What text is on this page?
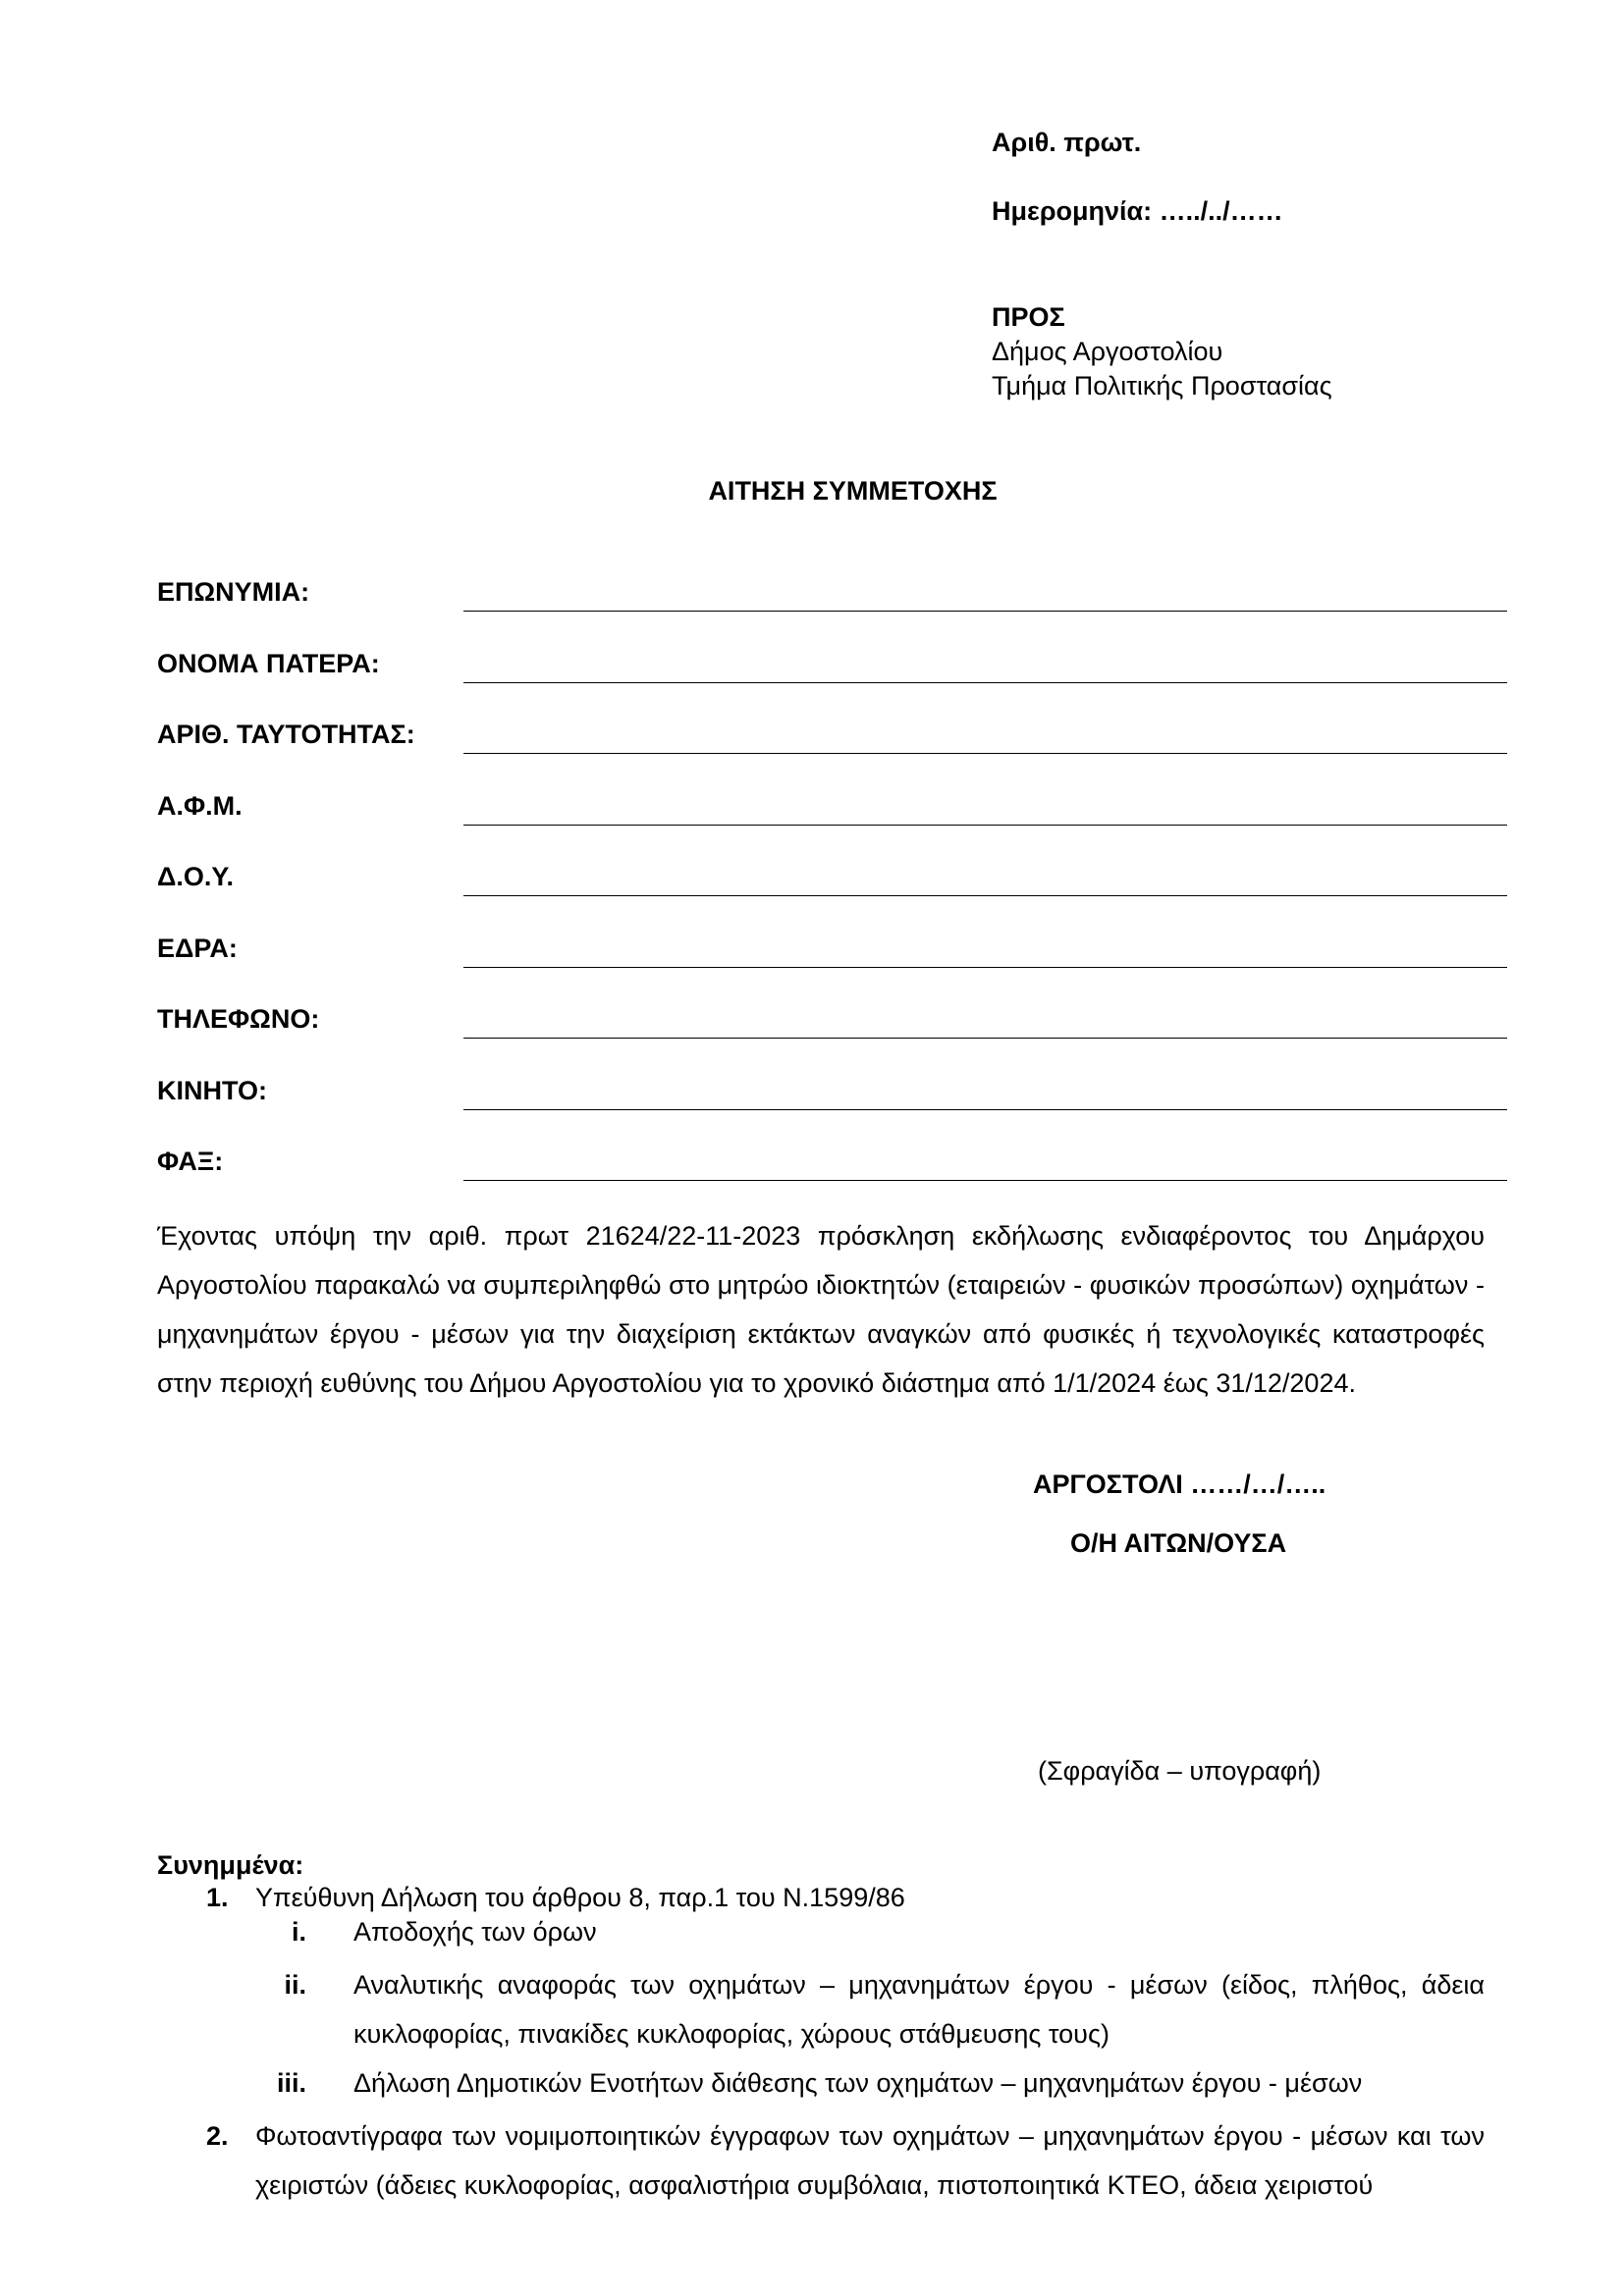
Αριθ. πρωτ.
Ημερομηνία: …../../……
ΠΡΟΣ
Δήμος Αργοστολίου
Τμήμα Πολιτικής Προστασίας
ΑΙΤΗΣΗ ΣΥΜΜΕΤΟΧΗΣ
ΕΠΩΝΥΜΙΑ:
ΟΝΟΜΑ ΠΑΤΕΡΑ:
ΑΡΙΘ. ΤΑΥΤΟΤΗΤΑΣ:
Α.Φ.Μ.
Δ.Ο.Υ.
ΕΔΡΑ:
ΤΗΛΕΦΩΝΟ:
ΚΙΝΗΤΟ:
ΦΑΞ:

Έχοντας υπόψη την αριθ. πρωτ 21624/22-11-2023 πρόσκληση εκδήλωσης ενδιαφέροντος του Δημάρχου Αργοστολίου παρακαλώ να συμπεριληφθώ στο μητρώο ιδιοκτητών (εταιρειών - φυσικών προσώπων) οχημάτων - μηχανημάτων έργου - μέσων για την διαχείριση εκτάκτων αναγκών από φυσικές ή τεχνολογικές καταστροφές στην περιοχή ευθύνης του Δήμου Αργοστολίου για το χρονικό διάστημα από 1/1/2024 έως 31/12/2024.

ΑΡΓΟΣΤΟΛΙ ……/…/…..
Ο/Η ΑΙΤΩΝ/ΟΥΣΑ
(Σφραγίδα – υπογραφή)
Συνημμένα:
1. Υπεύθυνη Δήλωση του άρθρου 8, παρ.1 του Ν.1599/86
i. Αποδοχής των όρων
ii. Αναλυτικής αναφοράς των οχημάτων – μηχανημάτων έργου - μέσων (είδος, πλήθος, άδεια κυκλοφορίας, πινακίδες κυκλοφορίας, χώρους στάθμευσης τους)
iii. Δήλωση Δημοτικών Ενοτήτων διάθεσης των οχημάτων – μηχανημάτων έργου - μέσων
2. Φωτοαντίγραφα των νομιμοποιητικών έγγραφων των οχημάτων – μηχανημάτων έργου - μέσων και των χειριστών (άδειες κυκλοφορίας, ασφαλιστήρια συμβόλαια, πιστοποιητικά ΚΤΕΟ, άδεια χειριστού
